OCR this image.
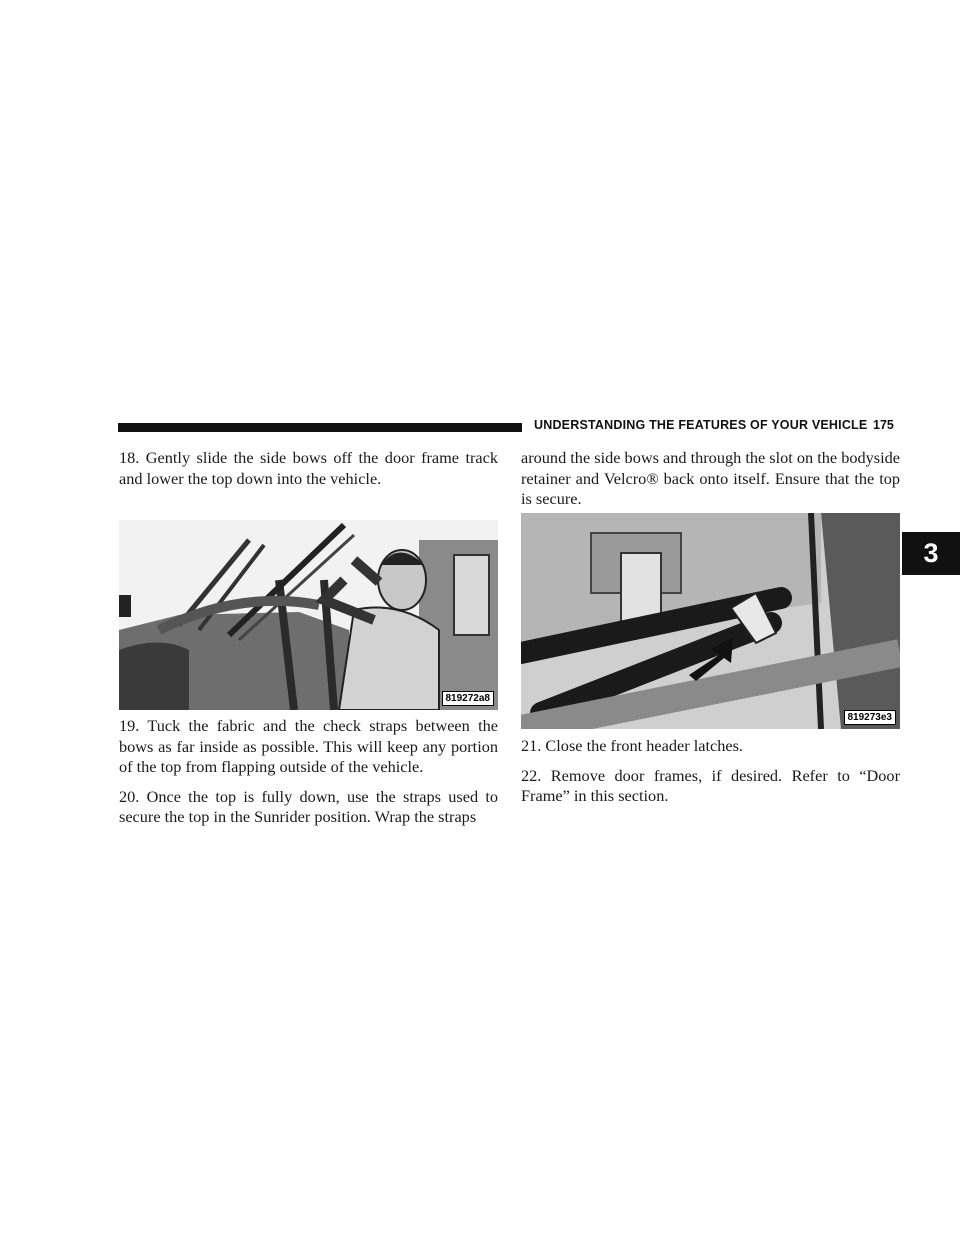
UNDERSTANDING THE FEATURES OF YOUR VEHICLE 175
3

18. Gently slide the side bows off the door frame track and lower the top down into the vehicle.

819272a8

19. Tuck the fabric and the check straps between the bows as far inside as possible. This will keep any portion of the top from flapping outside of the vehicle.

20. Once the top is fully down, use the straps used to secure the top in the Sunrider position. Wrap the straps

around the side bows and through the slot on the bodyside retainer and Velcro® back onto itself. Ensure that the top is secure.

819273e3

21. Close the front header latches.

22. Remove door frames, if desired. Refer to “Door Frame” in this section.
